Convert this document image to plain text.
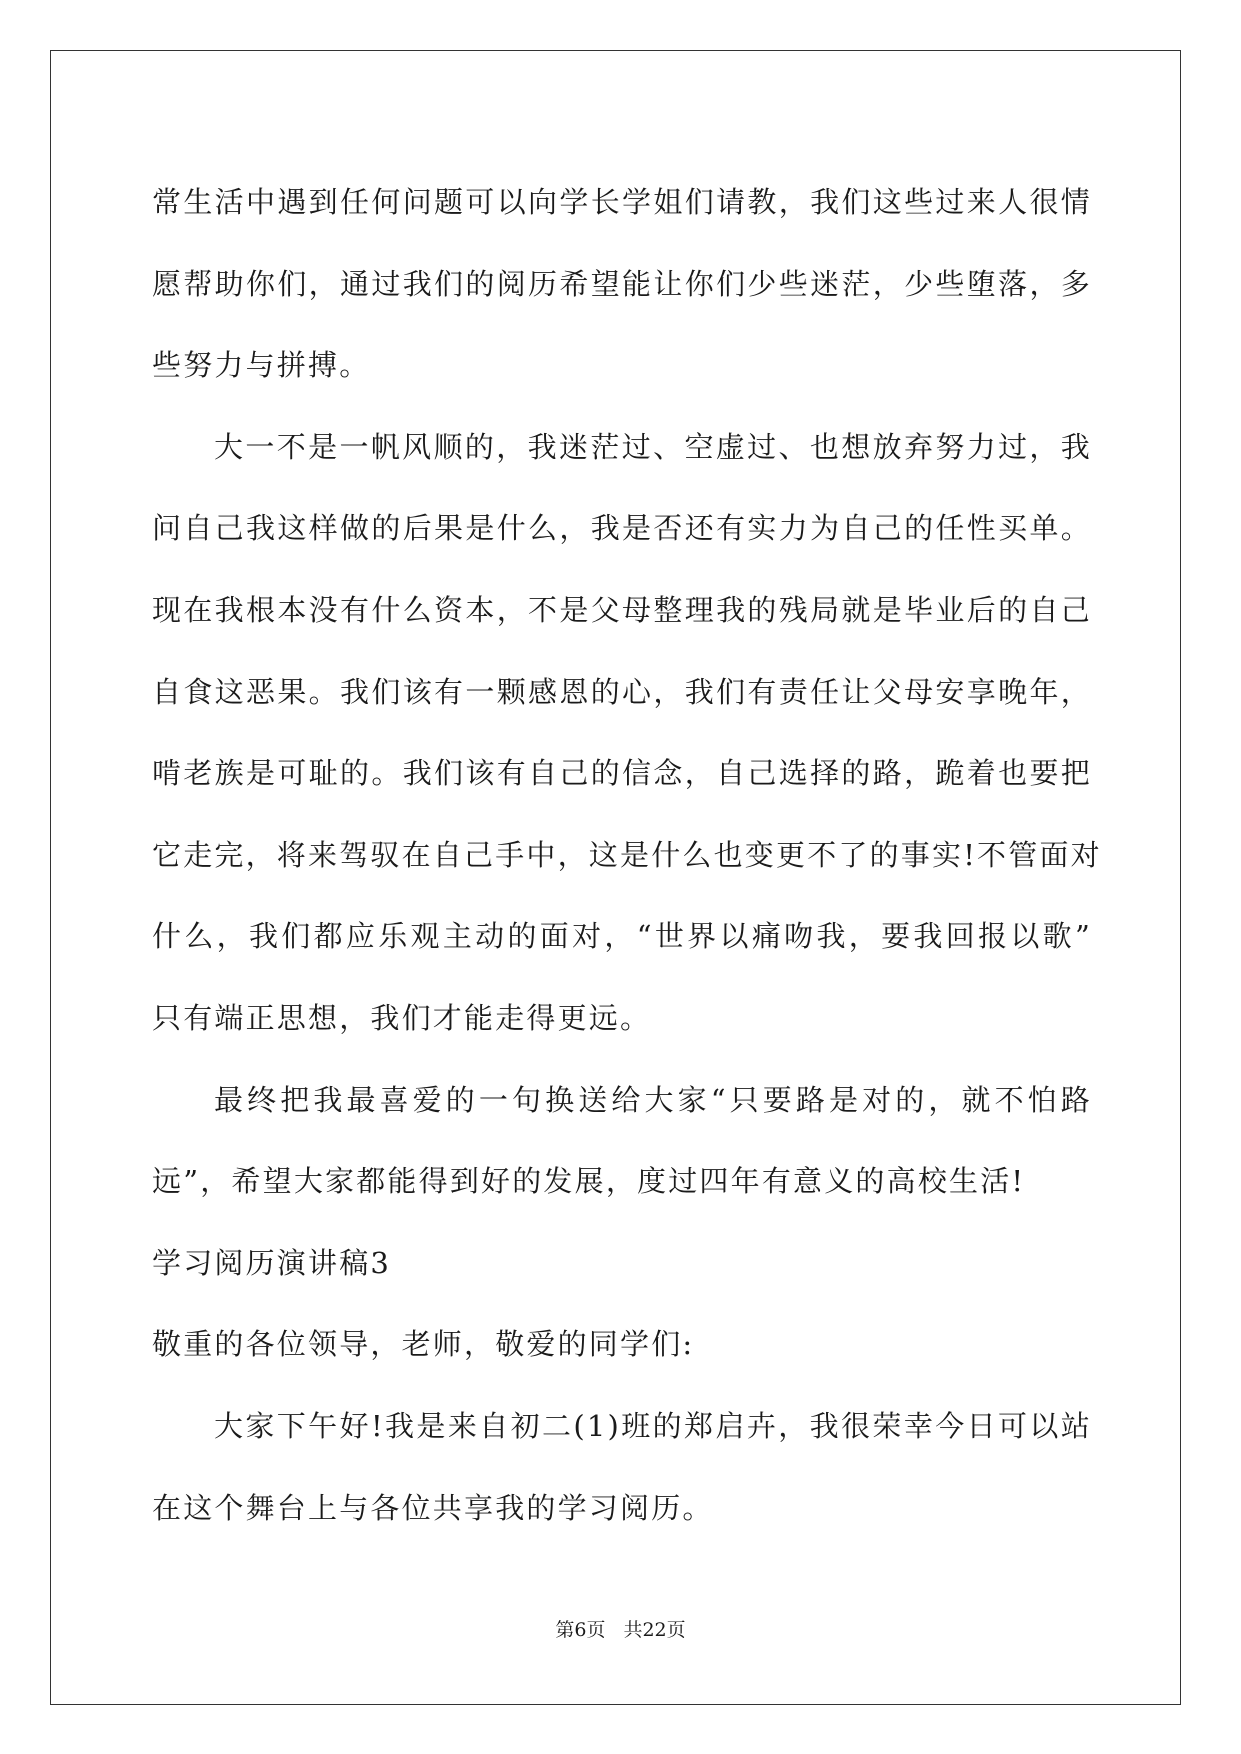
常生活中遇到任何问题可以向学长学姐们请教，我们这些过来人很情
愿帮助你们，通过我们的阅历希望能让你们少些迷茫，少些堕落，多
些努力与拼搏。

大一不是一帆风顺的，我迷茫过、空虚过、也想放弃努力过，我
问自己我这样做的后果是什么，我是否还有实力为自己的任性买单。
现在我根本没有什么资本，不是父母整理我的残局就是毕业后的自己
自食这恶果。我们该有一颗感恩的心，我们有责任让父母安享晚年，
啃老族是可耻的。我们该有自己的信念，自己选择的路，跪着也要把
它走完，将来驾驭在自己手中，这是什么也变更不了的事实!不管面对
什么，我们都应乐观主动的面对，“世界以痛吻我，要我回报以歌”
只有端正思想，我们才能走得更远。

最终把我最喜爱的一句换送给大家“只要路是对的，就不怕路
远”，希望大家都能得到好的发展，度过四年有意义的高校生活!

学习阅历演讲稿3

敬重的各位领导，老师，敬爱的同学们:

大家下午好!我是来自初二(1)班的郑启卉，我很荣幸今日可以站
在这个舞台上与各位共享我的学习阅历。

第6页 共22页
